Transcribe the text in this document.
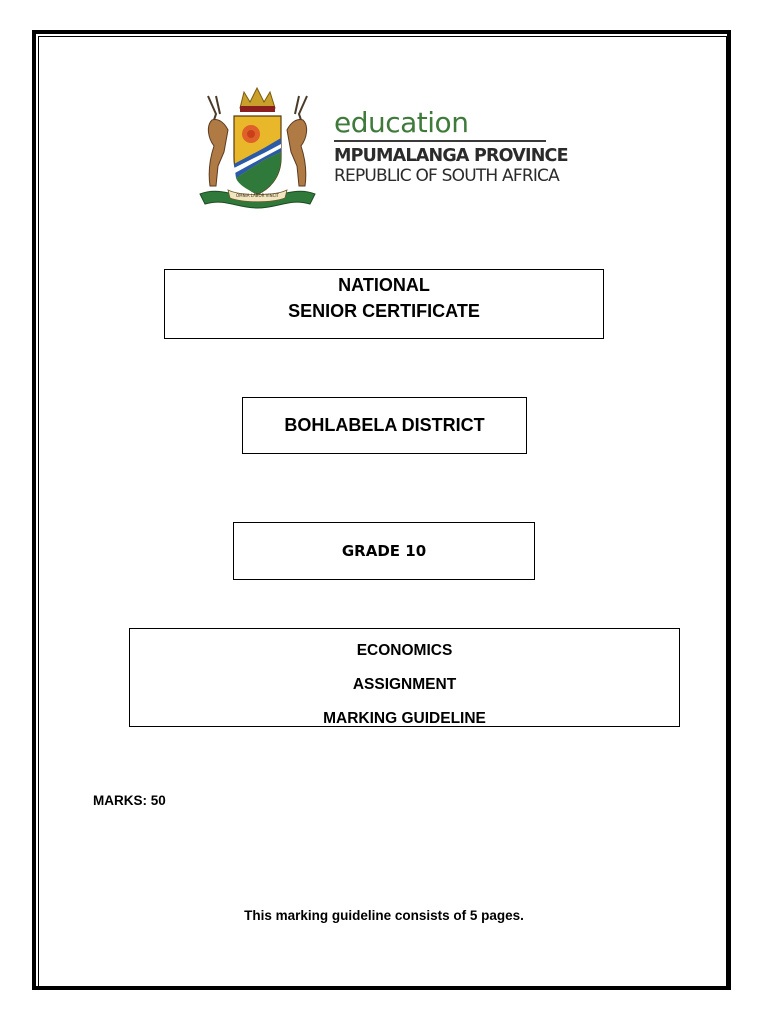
OMNIA LABOR VINCIT
education
MPUMALANGA PROVINCE
REPUBLIC OF SOUTH AFRICA
NATIONAL
SENIOR CERTIFICATE
BOHLABELA DISTRICT
GRADE 10
ECONOMICS
ASSIGNMENT
MARKING GUIDELINE
MARKS: 50
This marking guideline consists of 5 pages.
